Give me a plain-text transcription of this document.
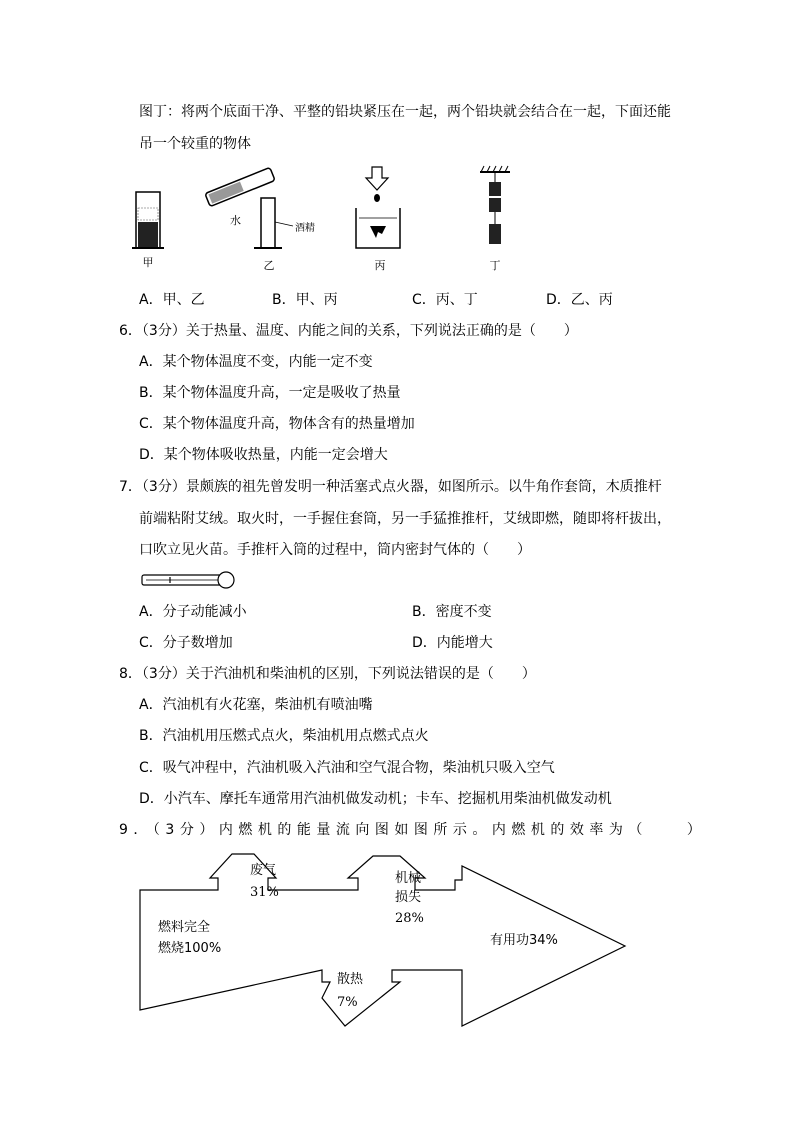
图丁：将两个底面干净、平整的铅块紧压在一起，两个铅块就会结合在一起，下面还能
吊一个较重的物体
甲
水
酒精
乙	丙	丁
A．甲、乙	B．甲、丙	C．丙、丁	D．乙、丙
6．（3分）关于热量、温度、内能之间的关系，下列说法正确的是（　　）
A．某个物体温度不变，内能一定不变
B．某个物体温度升高，一定是吸收了热量
C．某个物体温度升高，物体含有的热量增加
D．某个物体吸收热量，内能一定会增大
7．（3分）景颇族的祖先曾发明一种活塞式点火器，如图所示。以牛角作套筒，木质推杆
前端粘附艾绒。取火时，一手握住套筒，另一手猛推推杆，艾绒即燃，随即将杆拔出，
口吹立见火苗。手推杆入筒的过程中，筒内密封气体的（　　）
A．分子动能减小	B．密度不变
C．分子数增加	D．内能增大
8．（3分）关于汽油机和柴油机的区别，下列说法错误的是（　　）
A．汽油机有火花塞，柴油机有喷油嘴
B．汽油机用压燃式点火，柴油机用点燃式点火
C．吸气冲程中，汽油机吸入汽油和空气混合物，柴油机只吸入空气
D．小汽车、摩托车通常用汽油机做发动机；卡车、挖掘机用柴油机做发动机
9．（3分）内燃机的能量流向图如图所示。内燃机的效率为（　　）
燃料完全
燃烧100%
废气
31%
机械
损失
28%
有用功34%
散热
7%
